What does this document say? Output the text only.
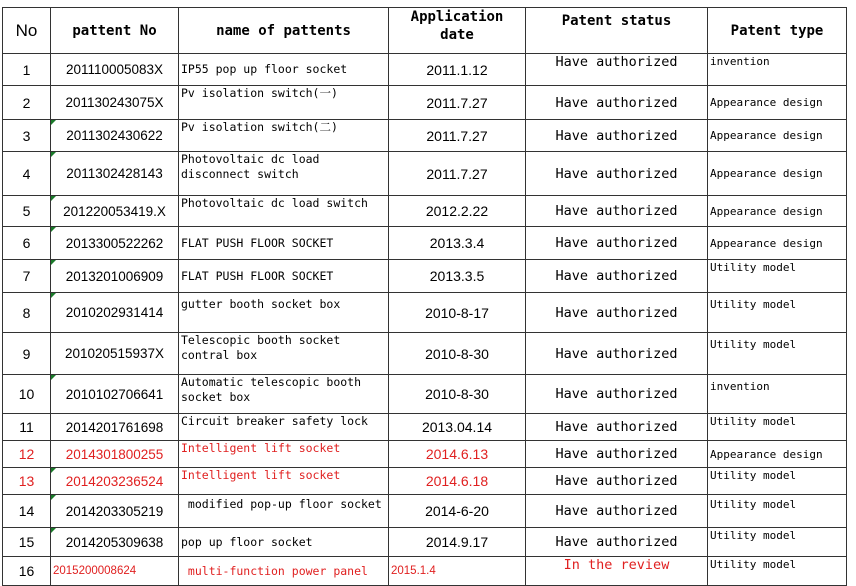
No	pattent No	name of pattents	Application date	Patent status	Patent type
1	201110005083X	IP55 pop up floor socket	2011.1.12	Have authorized	invention
2	201130243075X	Pv isolation switch(一)	2011.7.27	Have authorized	Appearance design
3	2011302430622	Pv isolation switch(二)	2011.7.27	Have authorized	Appearance design
4	2011302428143	Photovoltaic dc load disconnect switch	2011.7.27	Have authorized	Appearance design
5	201220053419.X	Photovoltaic dc load switch	2012.2.22	Have authorized	Appearance design
6	2013300522262	FLAT PUSH FLOOR SOCKET	2013.3.4	Have authorized	Appearance design
7	2013201006909	FLAT PUSH FLOOR SOCKET	2013.3.5	Have authorized	Utility model
8	2010202931414	gutter booth socket box	2010-8-17	Have authorized	Utility model
9	201020515937X	Telescopic booth socket contral box	2010-8-30	Have authorized	Utility model
10	2010102706641	Automatic telescopic booth socket box	2010-8-30	Have authorized	invention
11	2014201761698	Circuit breaker safety lock	2013.04.14	Have authorized	Utility model
12	2014301800255	Intelligent lift socket	2014.6.13	Have authorized	Appearance design
13	2014203236524	Intelligent lift socket	2014.6.18	Have authorized	Utility model
14	2014203305219	modified pop-up floor socket	2014-6-20	Have authorized	Utility model
15	2014205309638	pop up floor socket	2014.9.17	Have authorized	Utility model
16	2015200008624	multi-function power panel	2015.1.4	In the review	Utility model
